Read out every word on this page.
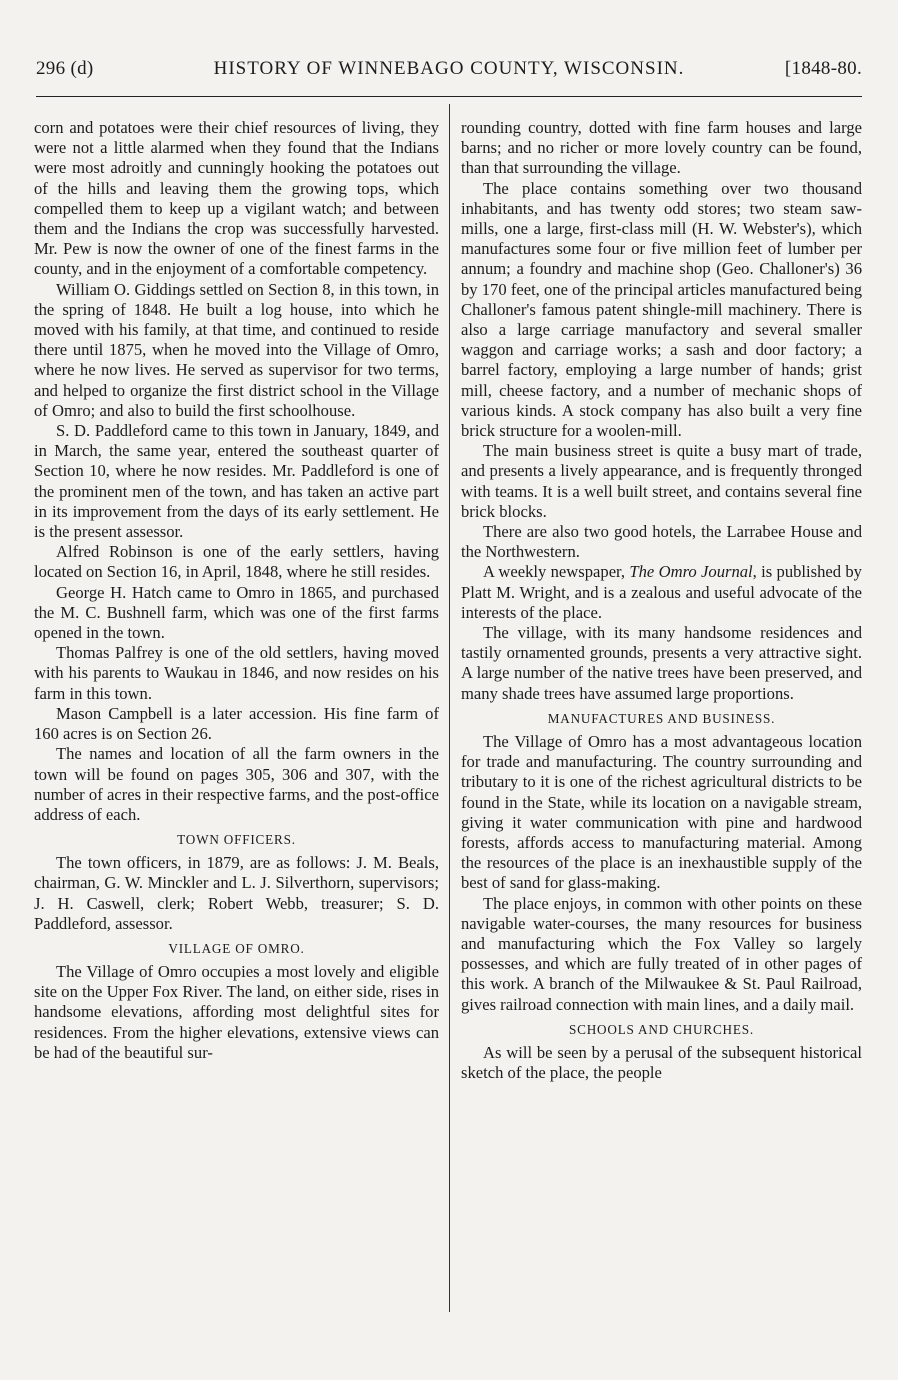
296 (d)	HISTORY OF WINNEBAGO COUNTY, WISCONSIN.	[1848-80.

corn and potatoes were their chief resources of living, they were not a little alarmed when they found that the Indians were most adroitly and cunningly hooking the potatoes out of the hills and leaving them the growing tops, which compelled them to keep up a vigilant watch; and between them and the Indians the crop was successfully harvested. Mr. Pew is now the owner of one of the finest farms in the county, and in the enjoyment of a comfortable competency.

William O. Giddings settled on Section 8, in this town, in the spring of 1848. He built a log house, into which he moved with his family, at that time, and continued to reside there until 1875, when he moved into the Village of Omro, where he now lives. He served as supervisor for two terms, and helped to organize the first district school in the Village of Omro; and also to build the first schoolhouse.

S. D. Paddleford came to this town in January, 1849, and in March, the same year, entered the southeast quarter of Section 10, where he now resides. Mr. Paddleford is one of the prominent men of the town, and has taken an active part in its improvement from the days of its early settlement. He is the present assessor.

Alfred Robinson is one of the early settlers, having located on Section 16, in April, 1848, where he still resides.

George H. Hatch came to Omro in 1865, and purchased the M. C. Bushnell farm, which was one of the first farms opened in the town.

Thomas Palfrey is one of the old settlers, having moved with his parents to Waukau in 1846, and now resides on his farm in this town.

Mason Campbell is a later accession. His fine farm of 160 acres is on Section 26.

The names and location of all the farm owners in the town will be found on pages 305, 306 and 307, with the number of acres in their respective farms, and the post-office address of each.

TOWN OFFICERS.

The town officers, in 1879, are as follows: J. M. Beals, chairman, G. W. Minckler and L. J. Silverthorn, supervisors; J. H. Caswell, clerk; Robert Webb, treasurer; S. D. Paddleford, assessor.

VILLAGE OF OMRO.

The Village of Omro occupies a most lovely and eligible site on the Upper Fox River. The land, on either side, rises in handsome elevations, affording most delightful sites for residences. From the higher elevations, extensive views can be had of the beautiful sur-

rounding country, dotted with fine farm houses and large barns; and no richer or more lovely country can be found, than that surrounding the village.

The place contains something over two thousand inhabitants, and has twenty odd stores; two steam saw-mills, one a large, first-class mill (H. W. Webster's), which manufactures some four or five million feet of lumber per annum; a foundry and machine shop (Geo. Challoner's) 36 by 170 feet, one of the principal articles manufactured being Challoner's famous patent shingle-mill machinery. There is also a large carriage manufactory and several smaller waggon and carriage works; a sash and door factory; a barrel factory, employing a large number of hands; grist mill, cheese factory, and a number of mechanic shops of various kinds. A stock company has also built a very fine brick structure for a woolen-mill.

The main business street is quite a busy mart of trade, and presents a lively appearance, and is frequently thronged with teams. It is a well built street, and contains several fine brick blocks.

There are also two good hotels, the Larrabee House and the Northwestern.

A weekly newspaper, The Omro Journal, is published by Platt M. Wright, and is a zealous and useful advocate of the interests of the place.

The village, with its many handsome residences and tastily ornamented grounds, presents a very attractive sight. A large number of the native trees have been preserved, and many shade trees have assumed large proportions.

MANUFACTURES AND BUSINESS.

The Village of Omro has a most advantageous location for trade and manufacturing. The country surrounding and tributary to it is one of the richest agricultural districts to be found in the State, while its location on a navigable stream, giving it water communication with pine and hardwood forests, affords access to manufacturing material. Among the resources of the place is an inexhaustible supply of the best of sand for glass-making.

The place enjoys, in common with other points on these navigable water-courses, the many resources for business and manufacturing which the Fox Valley so largely possesses, and which are fully treated of in other pages of this work. A branch of the Milwaukee & St. Paul Railroad, gives railroad connection with main lines, and a daily mail.

SCHOOLS AND CHURCHES.

As will be seen by a perusal of the subsequent historical sketch of the place, the people
